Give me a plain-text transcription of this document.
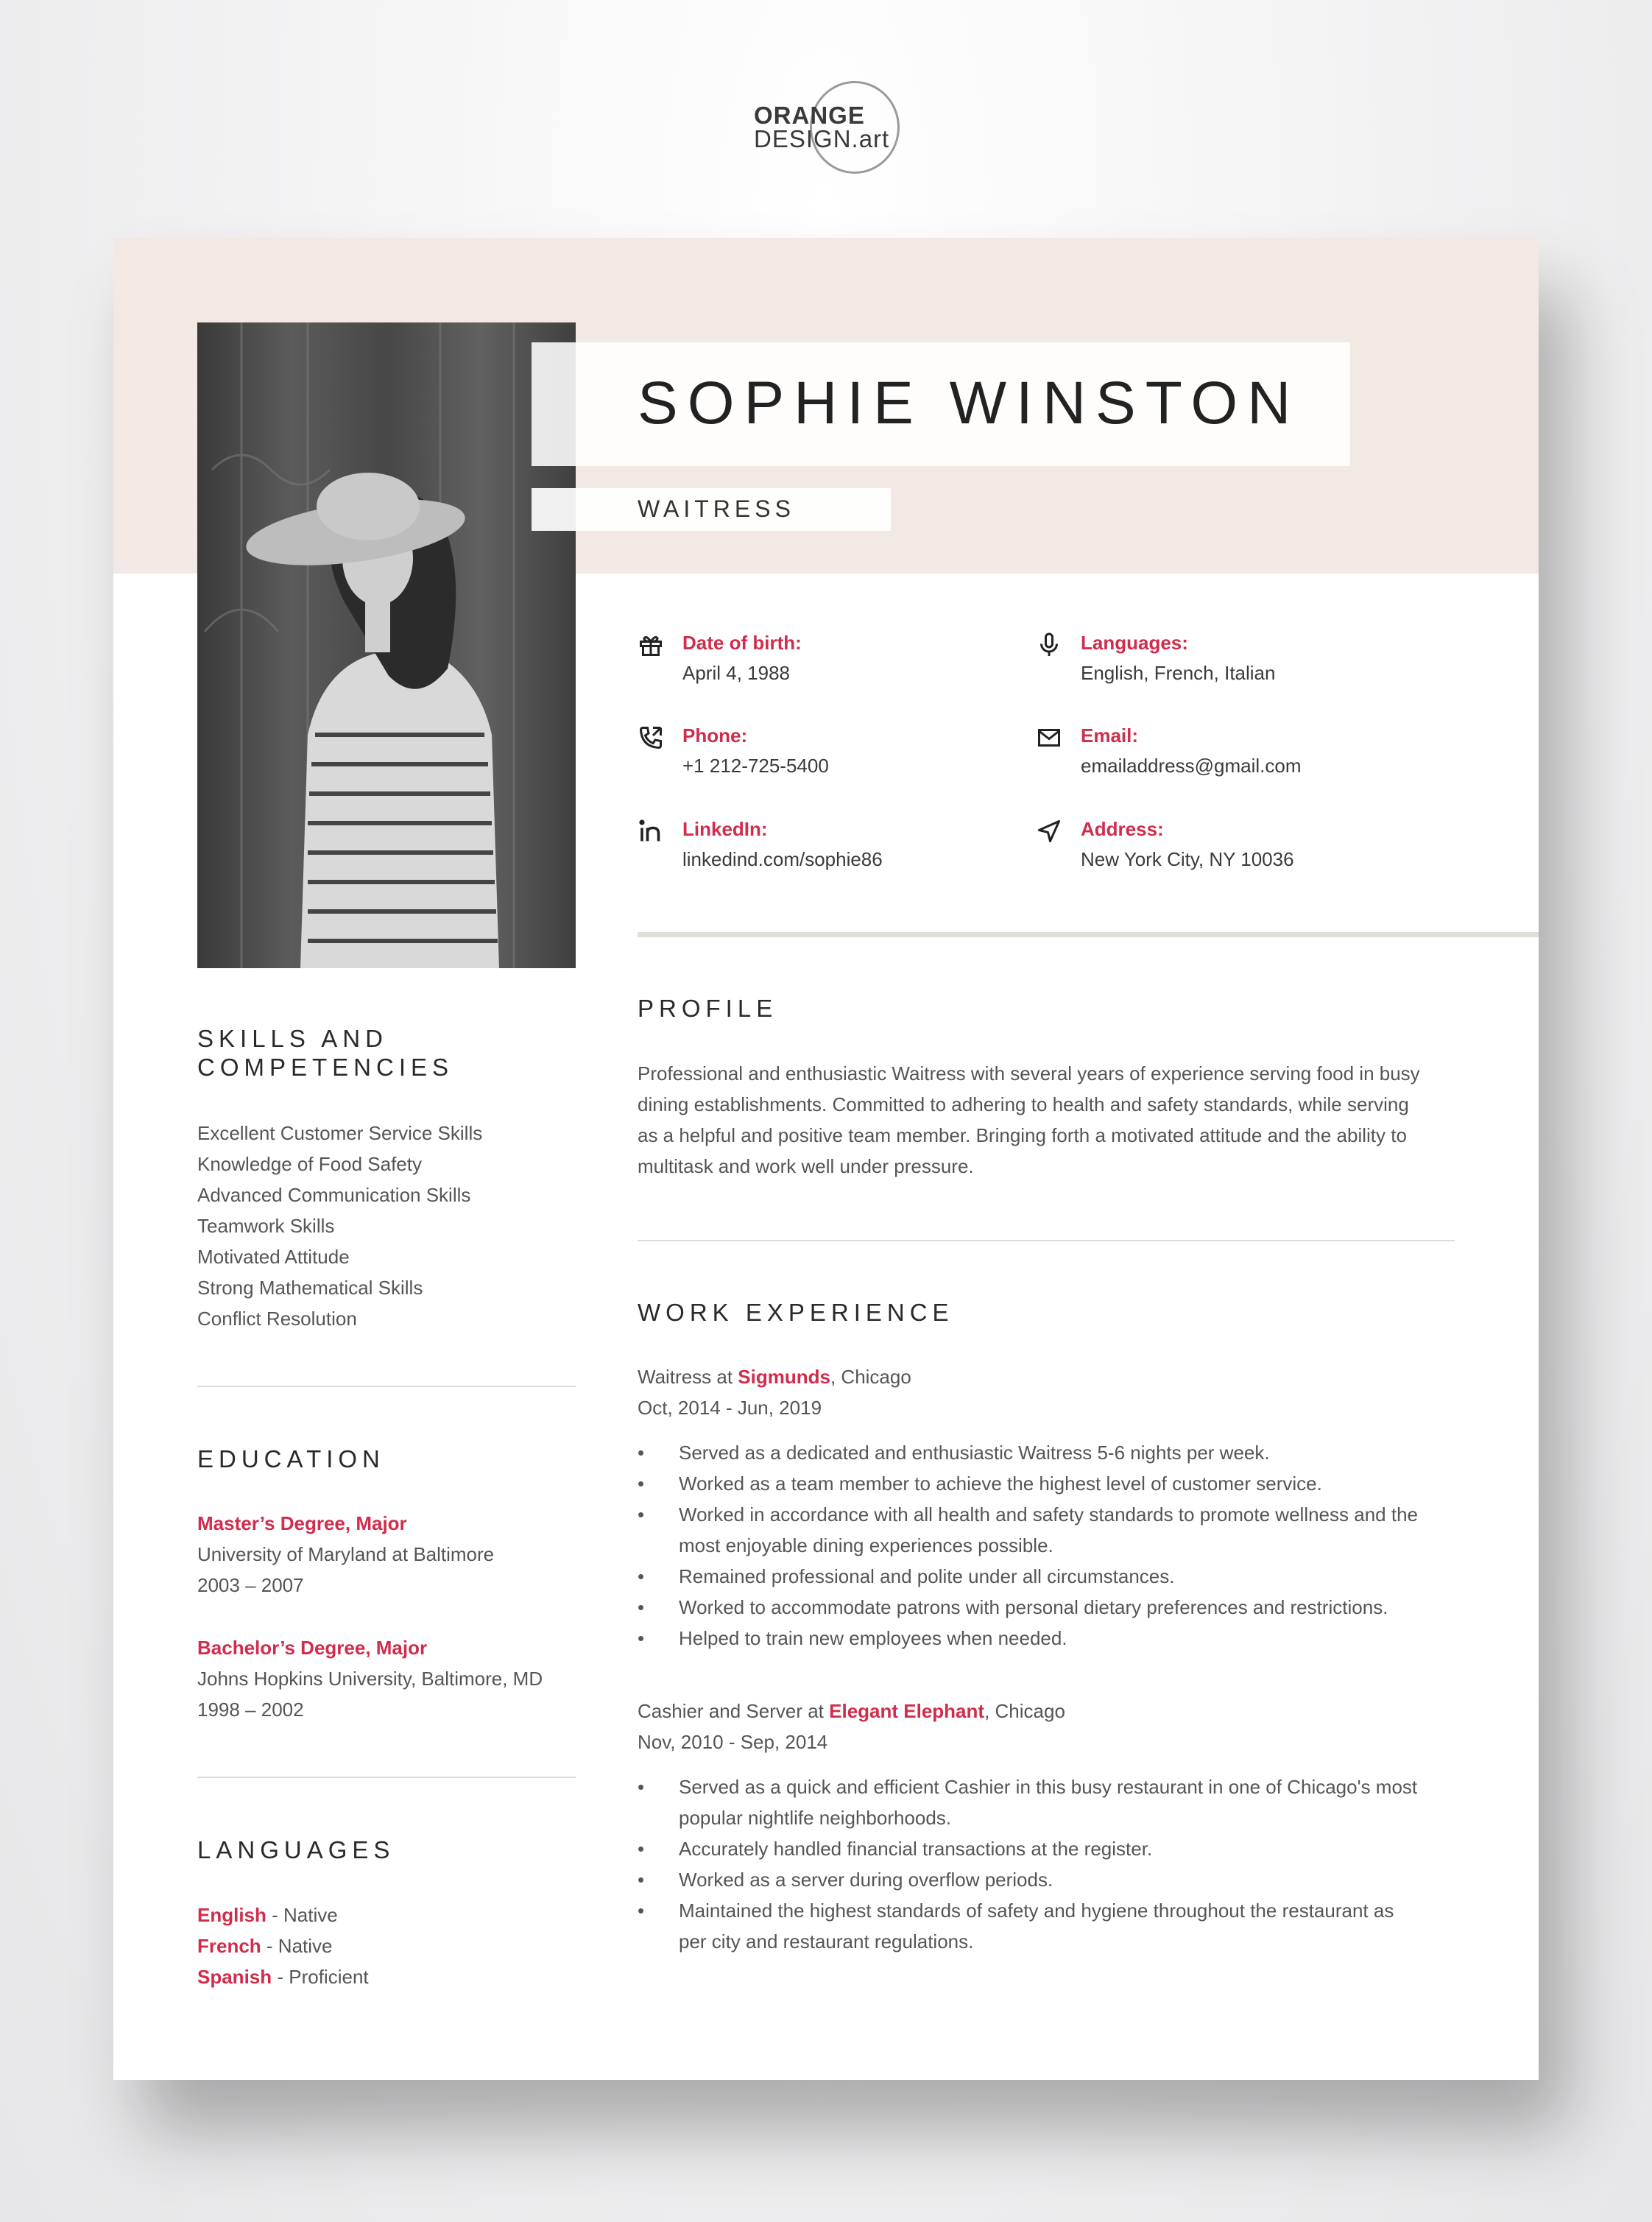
ORANGE
DESIGN.art
SOPHIE WINSTON
WAITRESS
Date of birth:
April 4, 1988
Languages:
English, French, Italian
Phone:
+1 212-725-5400
Email:
emailaddress@gmail.com
LinkedIn:
linkedind.com/sophie86
Address:
New York City, NY 10036
SKILLS AND
COMPETENCIES
Excellent Customer Service Skills
Knowledge of Food Safety
Advanced Communication Skills
Teamwork Skills
Motivated Attitude
Strong Mathematical Skills
Conflict Resolution
EDUCATION
Master’s Degree, Major
University of Maryland at Baltimore
2003 – 2007
Bachelor’s Degree, Major
Johns Hopkins University, Baltimore, MD
1998 – 2002
LANGUAGES
English - Native
French - Native
Spanish - Proficient
PROFILE
Professional and enthusiastic Waitress with several years of experience serving food in busy
dining establishments. Committed to adhering to health and safety standards, while serving
as a helpful and positive team member. Bringing forth a motivated attitude and the ability to
multitask and work well under pressure.
WORK EXPERIENCE
Waitress at Sigmunds, Chicago
Oct, 2014 - Jun, 2019
• Served as a dedicated and enthusiastic Waitress 5-6 nights per week.
• Worked as a team member to achieve the highest level of customer service.
• Worked in accordance with all health and safety standards to promote wellness and the most enjoyable dining experiences possible.
• Remained professional and polite under all circumstances.
• Worked to accommodate patrons with personal dietary preferences and restrictions.
• Helped to train new employees when needed.
Cashier and Server at Elegant Elephant, Chicago
Nov, 2010 - Sep, 2014
• Served as a quick and efficient Cashier in this busy restaurant in one of Chicago's most popular nightlife neighborhoods.
• Accurately handled financial transactions at the register.
• Worked as a server during overflow periods.
• Maintained the highest standards of safety and hygiene throughout the restaurant as per city and restaurant regulations.
